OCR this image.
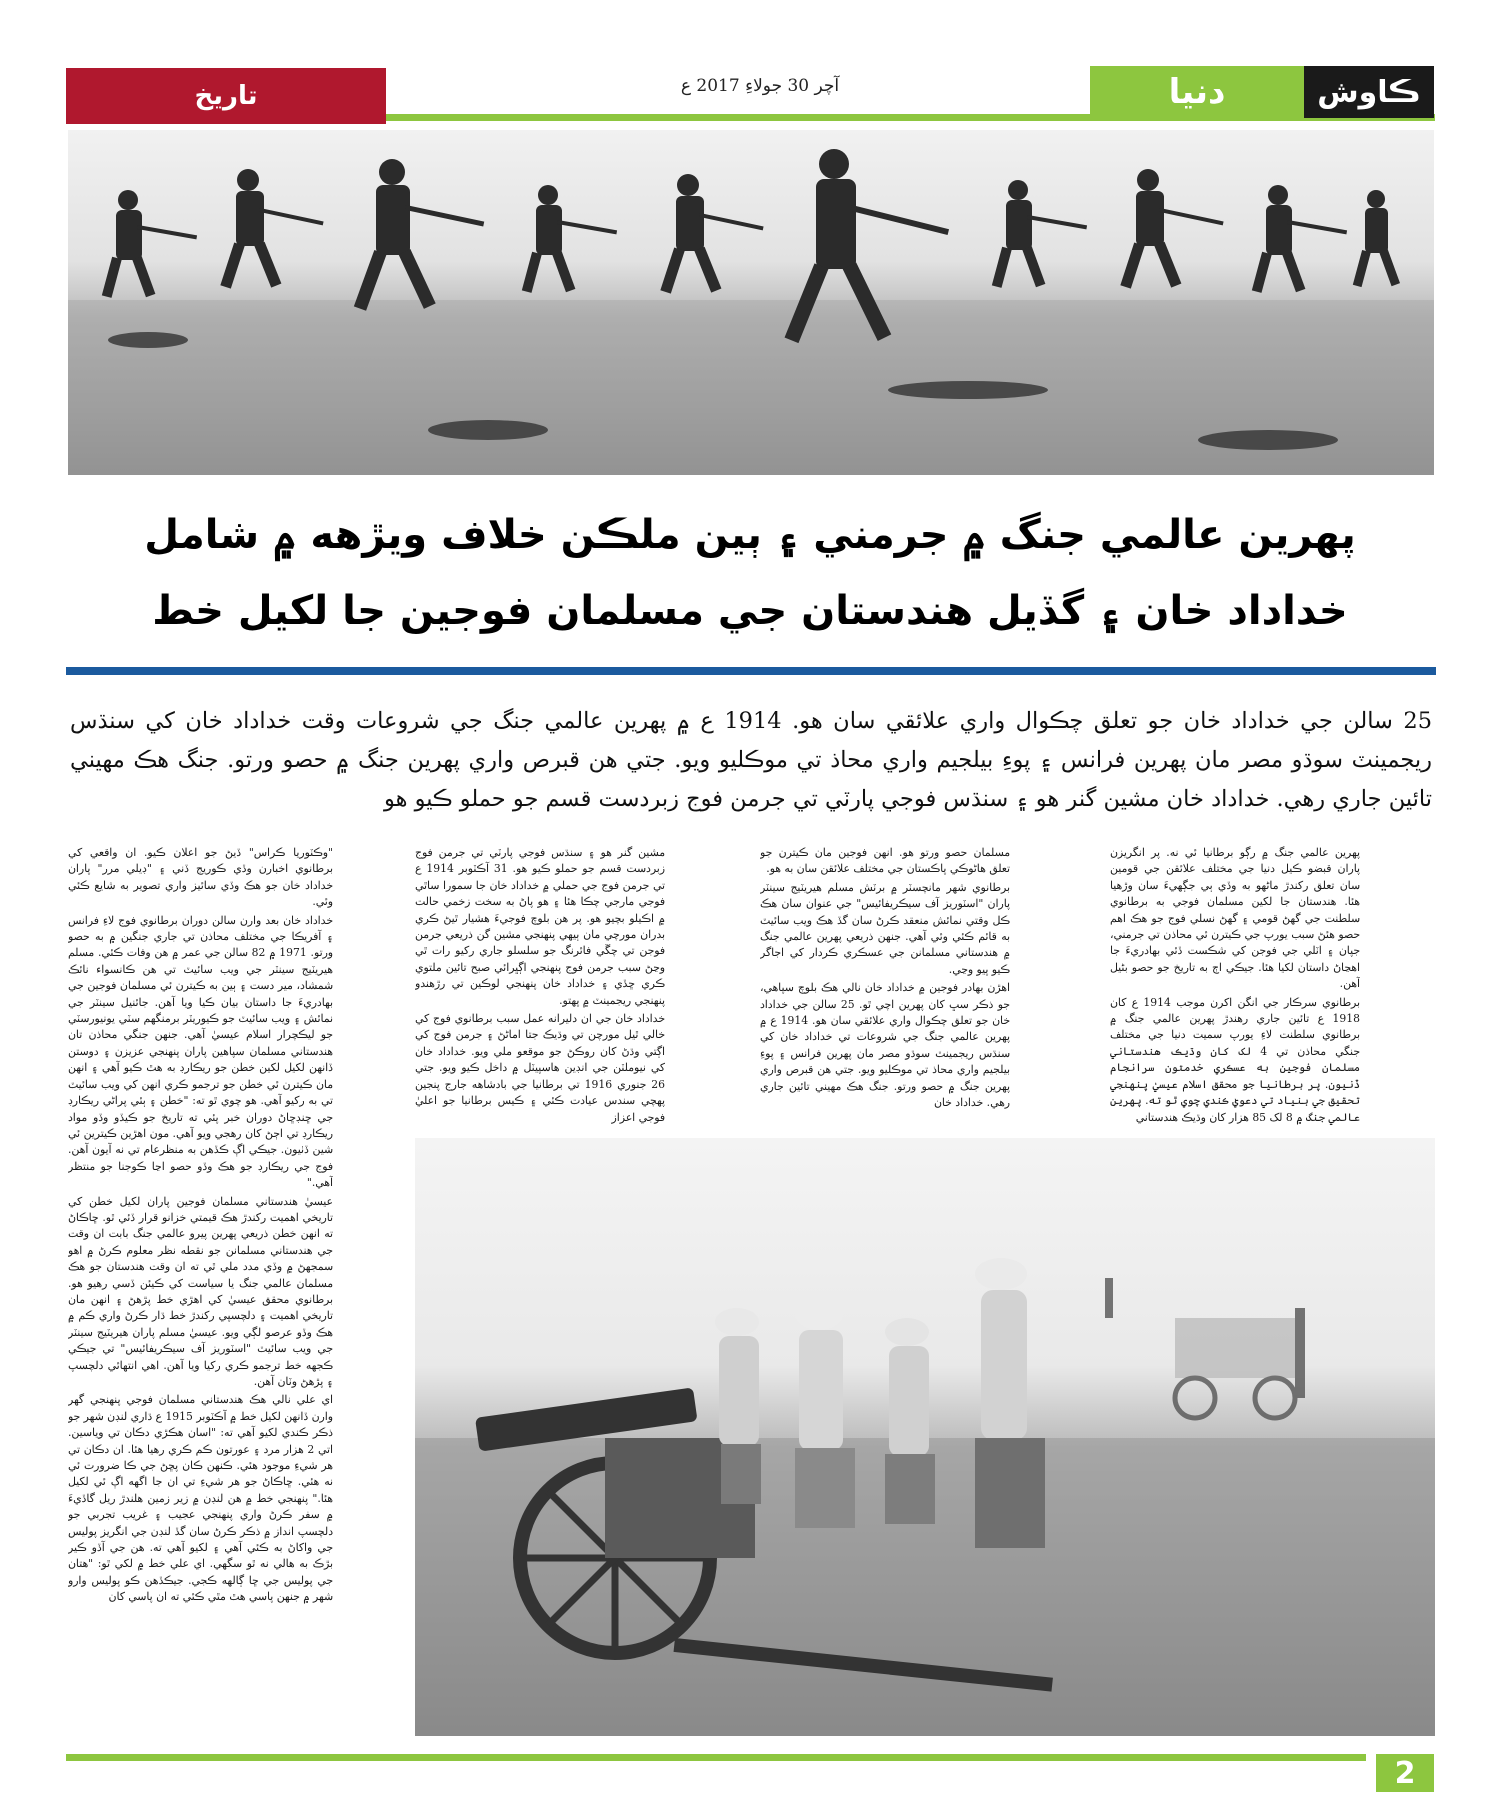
تاريخ	آچر 30 جولاءِ 2017 ع	ڪاوش
دنيا
پهرين عالمي جنگ ۾ جرمني ۽ ٻين ملڪن خلاف ويڙهه ۾ شامل
خداداد خان ۽ گڏيل هندستان جي مسلمان فوجين جا لکيل خط
25 سالن جي خداداد خان جو تعلق چڪوال واري علائقي سان هو. 1914 ع ۾ پهرين عالمي جنگ جي شروعات وقت خداداد خان کي سنڌس ريجمينٽ سوڌو مصر مان پهرين فرانس ۽ پوءِ بيلجيم واري محاذ تي موڪليو ويو. جتي هن قبرص واري پهرين جنگ ۾ حصو ورتو. جنگ هڪ مهيني تائين جاري رهي. خداداد خان مشين گنر هو ۽ سنڌس فوجي پارٽي تي جرمن فوج زبردست قسم جو حملو ڪيو هو

پهرين عالمي جنگ ۾ رڳو برطانيا ئي نه. پر انگريزن پاران قبضو ڪيل دنيا جي مختلف علائقن جي قومين سان تعلق رکندڙ ماڻهو به وڏي ٻي جڳهيءَ سان وڙهيا هئا. هندستان جا لکين مسلمان فوجي به برطانوي سلطنت جي گهڻ قومي ۽ گهڻ نسلي فوج جو هڪ اهم حصو هئڻ سبب يورپ جي ڪيترن ئي محاذن تي جرمني، جپان ۽ اٽلي جي فوجن کي شڪست ڏئي بهادريءَ جا اهڃاڻ داستان لکيا هئا. جيڪي اڄ به تاريخ جو حصو بڻيل آهن.

برطانوي سرڪار جي انگن اکرن موجب 1914 ع کان 1918 ع تائين جاري رهندڙ پهرين عالمي جنگ ۾ برطانوي سلطنت لاءِ يورپ سميت دنيا جي مختلف جنگي محاذن تي 4 لک کان وڌيڪ هندستاني مسلمان فوجين به عسڪري خدمتون سرانجام ڏنيون. پر برطانيا جو محقق اسلام عيسيٰ پنهنجي تحقيق جي بنياد تي دعويٰ ڪندي چوي ٿو ته. پهرين عالمي جنگ ۾ 8 لک 85 هزار کان وڌيڪ هندستاني

مسلمان حصو ورتو هو. انهن فوجين مان ڪيترن جو تعلق هاڻوڪي پاڪستان جي مختلف علائقن سان به هو.

برطانوي شهر مانچسٽر ۾ برٽش مسلم هيريٽيج سينٽر پاران "اسٽوريز آف سيڪريفائيس" جي عنوان سان هڪ ڪل وقتي نمائش منعقد ڪرڻ سان گڏ هڪ ويب سائيٽ به قائم ڪئي وئي آهي. جنهن ذريعي پهرين عالمي جنگ ۾ هندستاني مسلمانن جي عسڪري ڪردار کي اجاگر ڪيو پيو وڃي.

اهڙن بهادر فوجين ۾ خداداد خان نالي هڪ بلوچ سپاهي، جو ذڪر سڀ کان پهرين اچي ٿو. 25 سالن جي خداداد خان جو تعلق چڪوال واري علائقي سان هو. 1914 ع ۾ پهرين عالمي جنگ جي شروعات تي خداداد خان کي سنڌس ريجمينٽ سوڌو مصر مان پهرين فرانس ۽ پوءِ بيلجيم واري محاذ تي موڪليو ويو. جتي هن قبرص واري پهرين جنگ ۾ حصو ورتو. جنگ هڪ مهيني تائين جاري رهي. خداداد خان

مشين گنر هو ۽ سنڌس فوجي پارٽي تي جرمن فوج زبردست قسم جو حملو ڪيو هو. 31 آڪٽوبر 1914 ع تي جرمن فوج جي حملي ۾ خداداد خان جا سمورا ساٿي فوجي مارجي چڪا هئا ۽ هو پاڻ به سخت زخمي حالت ۾ اڪيلو بچيو هو. پر هن بلوچ فوجيءَ هشيار ٿيڻ ڪري بدران مورچي مان ٻيهي پنهنجي مشين گن ذريعي جرمن فوجن تي چڱي فائرنگ جو سلسلو جاري رکيو رات ٿي وڃڻ سبب جرمن فوج پنهنجي اڳڀرائي صبح تائين ملتوي ڪري ڇڏي ۽ خداداد خان پنهنجي لوڪين تي رڙهندو پنهنجي ريجمينٽ ۾ پهتو.

خداداد خان جي ان دليرانه عمل سبب برطانوي فوج کي خالي ٿيل مورچن تي وڌيڪ جتا اماڻڻ ۽ جرمن فوج کي اڳتي وڌڻ کان روڪڻ جو موقعو ملي ويو. خداداد خان کي نيوملٽن جي انڊين هاسپيٽل ۾ داخل ڪيو ويو. جتي 26 جنوري 1916 تي برطانيا جي بادشاهه جارج پنجين پهچي سندس عيادت ڪئي ۽ ڪيس برطانيا جو اعليٰ فوجي اعزاز

"وڪٽوريا ڪراس" ڏيڻ جو اعلان ڪيو. ان واقعي کي برطانوي اخبارن وڏي ڪوريج ڏني ۽ "ڊيلي مرر" پاران خداداد خان جو هڪ وڏي سائيز واري تصوير به شايع ڪئي وئي.

خداداد خان بعد وارن سالن دوران برطانوي فوج لاءِ فرانس ۽ آفريڪا جي مختلف محاذن تي جاري جنگين ۾ به حصو ورتو. 1971 ۾ 82 سالن جي عمر ۾ هن وفات ڪئي. مسلم هيريٽيج سينٽر جي ويب سائيٽ تي هن ڪانسواء نائڪ شمشاد، مير دست ۽ ٻين به ڪيترن ئي مسلمان فوجين جي بهادريءَ جا داستان بيان ڪيا ويا آهن. جائنيل سينٽر جي نمائش ۽ ويب سائيٽ جو ڪيوريٽر برمنگهم سٽي يونيورسٽي جو ليڪچرار اسلام عيسيٰ آهي. جنهن جنگي محاذن تان هندستاني مسلمان سپاهين پاران پنهنجي عزيزن ۽ دوستن ڏانهن لکيل لکين خطن جو ريڪارڊ به هٿ ڪيو آهي ۽ انهن مان ڪيترن ئي خطن جو ترجمو ڪري انهن کي ويب سائيٽ تي به رکيو آهي. هو چوي ٿو ته: "خطن ۽ ٻئي پراڻي ريڪارڊ جي ڇنڊڇاڻ دوران خبر پئي ته تاريخ جو ڪيڏو وڏو مواد ريڪارڊ تي اڄڻ کان رهجي ويو آهي. مون اهڙين ڪيترين ئي شين ڏٺيون. جيڪي اڳ ڪڏهن به منظرعام تي نه آيون آهن. فوج جي ريڪارڊ جو هڪ وڏو حصو اڃا ڪوجنا جو منتظر آهي."

عيسيٰ هندستاني مسلمان فوجين پاران لکيل خطن کي تاريخي اهميت رکندڙ هڪ قيمتي خزانو قرار ڏئي ٿو. ڇاڪاڻ ته انهن خطن ذريعي پهرين پيرو عالمي جنگ بابت ان وقت جي هندستاني مسلمانن جو نقطه نظر معلوم ڪرڻ ۾ اهو سمجهڻ ۾ وڏي مدد ملي ٿي ته ان وقت هندستان جو هڪ مسلمان عالمي جنگ يا سياست کي ڪيئن ڏسي رهيو هو. برطانوي محقق عيسيٰ کي اهڙي خط پڙهڻ ۽ انهن مان تاريخي اهميت ۽ دلچسپي رکندڙ خط ڌار ڪرڻ واري ڪم ۾ هڪ وڏو عرصو لڳي ويو. عيسيٰ مسلم پاران هيريٽيج سينٽر جي ويب سائيٽ "اسٽوريز آف سيڪريفائيس" تي جيڪي ڪجهه خط ترجمو ڪري رکيا ويا آهن. اهي انتهائي دلچسپ ۽ پڙهڻ وٽان آهن.

اي علي نالي هڪ هندستاني مسلمان فوجي پنهنجي گهر وارن ڏانهن لکيل خط ۾ آڪٽوبر 1915 ع ڌاري لنڊن شهر جو ذڪر ڪندي لکيو آهي ته: "اسان هڪڙي دڪان تي وياسين. اتي 2 هزار مرد ۽ عورتون ڪم ڪري رهيا هئا. ان دڪان تي هر شيءِ موجود هئي. ڪنهن ڪان پڇڻ جي ڪا ضرورت ئي نه هئي. ڇاڪاڻ جو هر شيءِ تي ان جا اگهه اڳ ئي لکيل هئا." پنهنجي خط ۾ هن لنڊن ۾ زير زمين هلندڙ ريل گاڏيءَ ۾ سفر ڪرڻ واري پنهنجي عجيب ۽ غريب تجربي جو دلچسپ انداز ۾ ذڪر ڪرڻ سان گڏ لنڊن جي انگريز پوليس جي واکاڻ به ڪئي آهي ۽ لکيو آهي ته. هن جي آڏو ڪير بڙڪ به هالي نه ٿو سگهي. اي علي خط ۾ لکي ٿو: "هتان جي پوليس جي ڇا ڳالهه ڪجي. جيڪڏهن ڪو پوليس وارو شهر ۾ جنهن پاسي هٿ مٿي ڪئي ته ان پاسي کان

2
